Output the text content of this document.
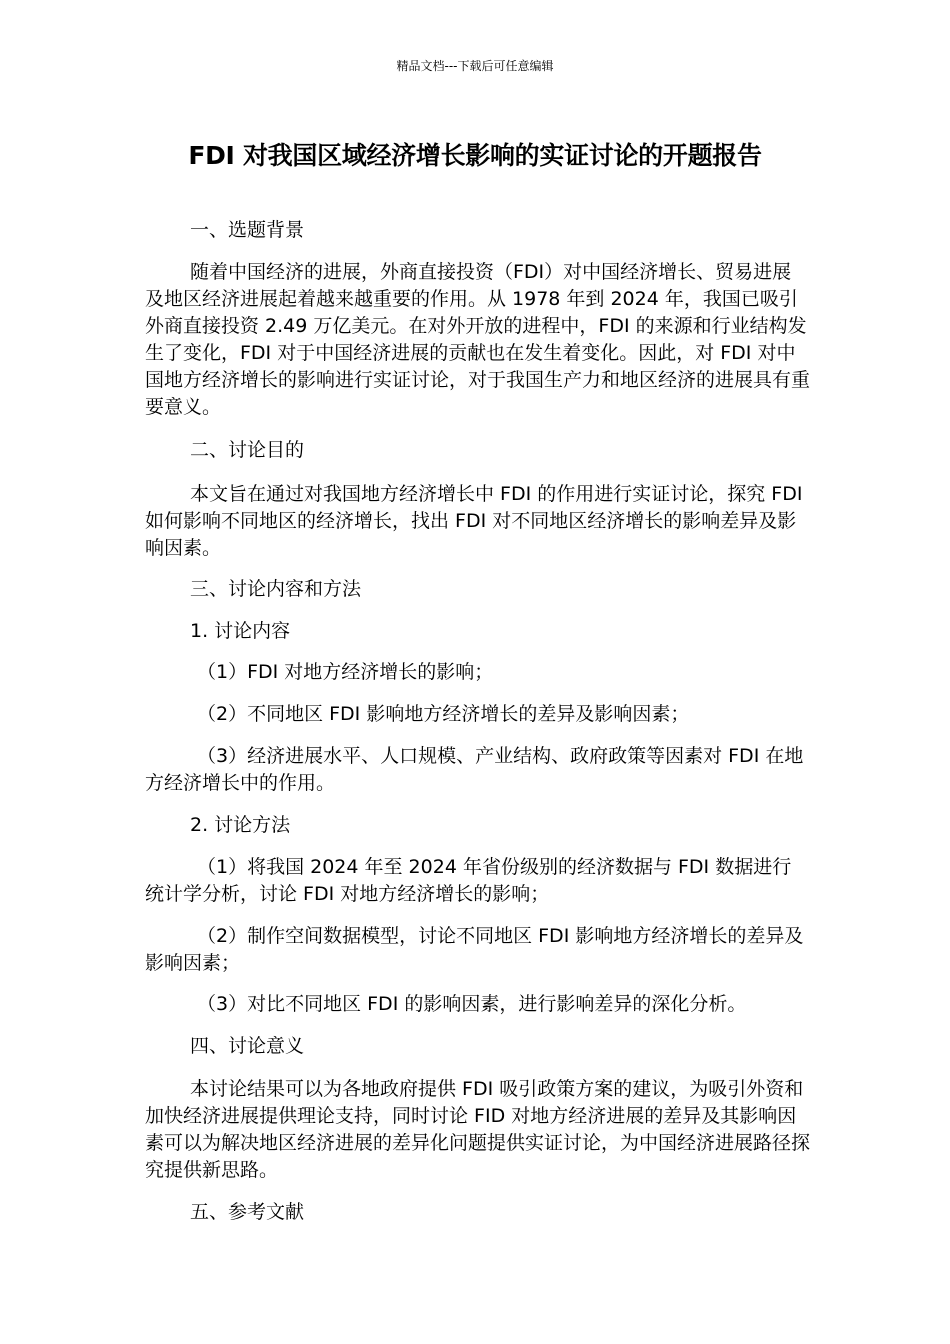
精品文档---下载后可任意编辑
FDI 对我国区域经济增长影响的实证讨论的开题报告

一、选题背景

随着中国经济的进展，外商直接投资（FDI）对中国经济增长、贸易进展及地区经济进展起着越来越重要的作用。从 1978 年到 2024 年，我国已吸引外商直接投资 2.49 万亿美元。在对外开放的进程中，FDI 的来源和行业结构发生了变化，FDI 对于中国经济进展的贡献也在发生着变化。因此，对 FDI 对中国地方经济增长的影响进行实证讨论，对于我国生产力和地区经济的进展具有重要意义。

二、讨论目的

本文旨在通过对我国地方经济增长中 FDI 的作用进行实证讨论，探究 FDI 如何影响不同地区的经济增长，找出 FDI 对不同地区经济增长的影响差异及影响因素。

三、讨论内容和方法

1. 讨论内容

（1）FDI 对地方经济增长的影响；

（2）不同地区 FDI 影响地方经济增长的差异及影响因素；

（3）经济进展水平、人口规模、产业结构、政府政策等因素对 FDI 在地方经济增长中的作用。

2. 讨论方法

（1）将我国 2024 年至 2024 年省份级别的经济数据与 FDI 数据进行统计学分析，讨论 FDI 对地方经济增长的影响；

（2）制作空间数据模型，讨论不同地区 FDI 影响地方经济增长的差异及影响因素；

（3）对比不同地区 FDI 的影响因素，进行影响差异的深化分析。

四、讨论意义

本讨论结果可以为各地政府提供 FDI 吸引政策方案的建议，为吸引外资和加快经济进展提供理论支持，同时讨论 FID 对地方经济进展的差异及其影响因素可以为解决地区经济进展的差异化问题提供实证讨论，为中国经济进展路径探究提供新思路。

五、参考文献
